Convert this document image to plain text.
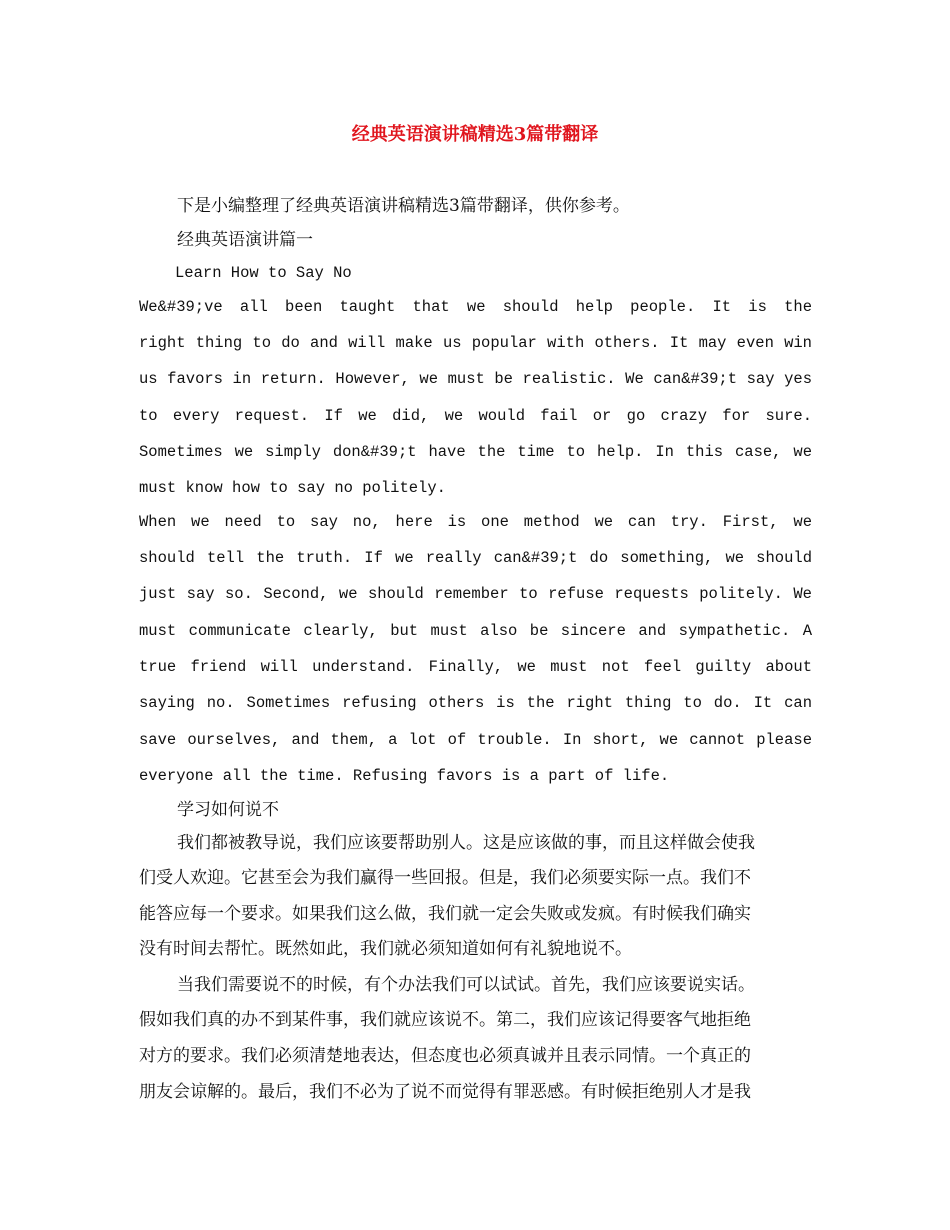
经典英语演讲稿精选3篇带翻译
下是小编整理了经典英语演讲稿精选3篇带翻译，供你参考。
经典英语演讲篇一
Learn How to Say No
We&#39;ve all been taught that we should help people. It is the
right thing to do and will make us popular with others. It may even win
us favors in return. However, we must be realistic. We can&#39;t say yes
to every request. If we did, we would fail or go crazy for sure.
Sometimes we simply don&#39;t have the time to help. In this case, we
must know how to say no politely.
When we need to say no, here is one method we can try. First, we
should tell the truth. If we really can&#39;t do something, we should
just say so. Second, we should remember to refuse requests politely. We
must communicate clearly, but must also be sincere and sympathetic. A
true friend will understand. Finally, we must not feel guilty about
saying no. Sometimes refusing others is the right thing to do. It can
save ourselves, and them, a lot of trouble. In short, we cannot please
everyone all the time. Refusing favors is a part of life.
学习如何说不
我们都被教导说，我们应该要帮助别人。这是应该做的事，而且这样做会使我
们受人欢迎。它甚至会为我们赢得一些回报。但是，我们必须要实际一点。我们不
能答应每一个要求。如果我们这么做，我们就一定会失败或发疯。有时候我们确实
没有时间去帮忙。既然如此，我们就必须知道如何有礼貌地说不。
当我们需要说不的时候，有个办法我们可以试试。首先，我们应该要说实话。
假如我们真的办不到某件事，我们就应该说不。第二，我们应该记得要客气地拒绝
对方的要求。我们必须清楚地表达，但态度也必须真诚并且表示同情。一个真正的
朋友会谅解的。最后，我们不必为了说不而觉得有罪恶感。有时候拒绝别人才是我
